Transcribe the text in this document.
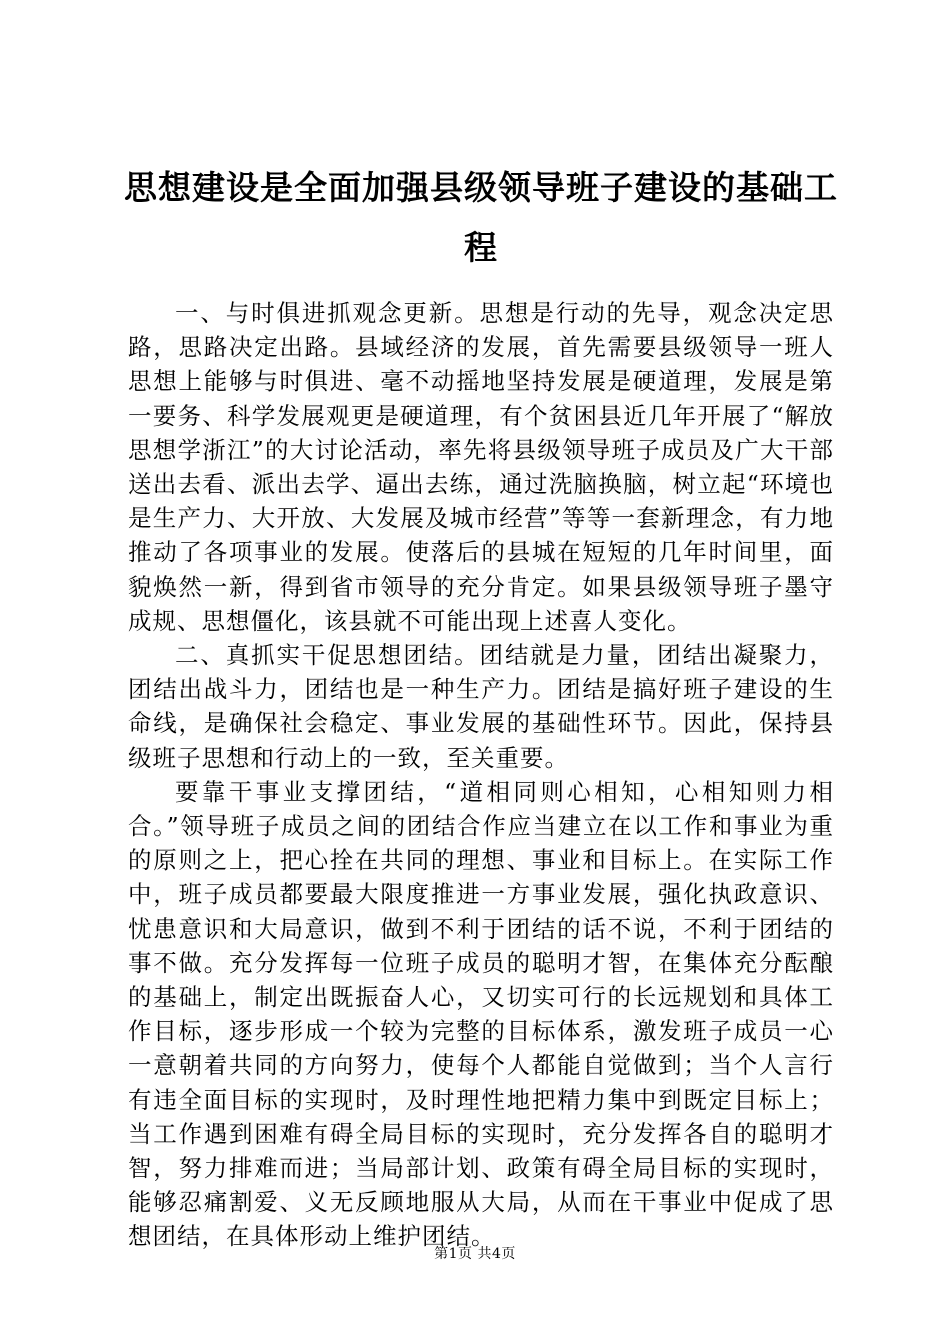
思想建设是全面加强县级领导班子建设的基础工程

一、与时俱进抓观念更新。思想是行动的先导，观念决定思路，思路决定出路。县域经济的发展，首先需要县级领导一班人思想上能够与时俱进、毫不动摇地坚持发展是硬道理，发展是第一要务、科学发展观更是硬道理，有个贫困县近几年开展了“解放思想学浙江”的大讨论活动，率先将县级领导班子成员及广大干部送出去看、派出去学、逼出去练，通过洗脑换脑，树立起“环境也是生产力、大开放、大发展及城市经营”等等一套新理念，有力地推动了各项事业的发展。使落后的县城在短短的几年时间里，面貌焕然一新，得到省市领导的充分肯定。如果县级领导班子墨守成规、思想僵化，该县就不可能出现上述喜人变化。

二、真抓实干促思想团结。团结就是力量，团结出凝聚力，团结出战斗力，团结也是一种生产力。团结是搞好班子建设的生命线，是确保社会稳定、事业发展的基础性环节。因此，保持县级班子思想和行动上的一致，至关重要。

要靠干事业支撑团结，“道相同则心相知，心相知则力相合。”领导班子成员之间的团结合作应当建立在以工作和事业为重的原则之上，把心拴在共同的理想、事业和目标上。在实际工作中，班子成员都要最大限度推进一方事业发展，强化执政意识、忧患意识和大局意识，做到不利于团结的话不说，不利于团结的事不做。充分发挥每一位班子成员的聪明才智，在集体充分酝酿的基础上，制定出既振奋人心，又切实可行的长远规划和具体工作目标，逐步形成一个较为完整的目标体系，激发班子成员一心一意朝着共同的方向努力，使每个人都能自觉做到；当个人言行有违全面目标的实现时，及时理性地把精力集中到既定目标上；当工作遇到困难有碍全局目标的实现时，充分发挥各自的聪明才智，努力排难而进；当局部计划、政策有碍全局目标的实现时，能够忍痛割爱、义无反顾地服从大局，从而在干事业中促成了思想团结，在具体形动上维护团结。

第1页 共4页
